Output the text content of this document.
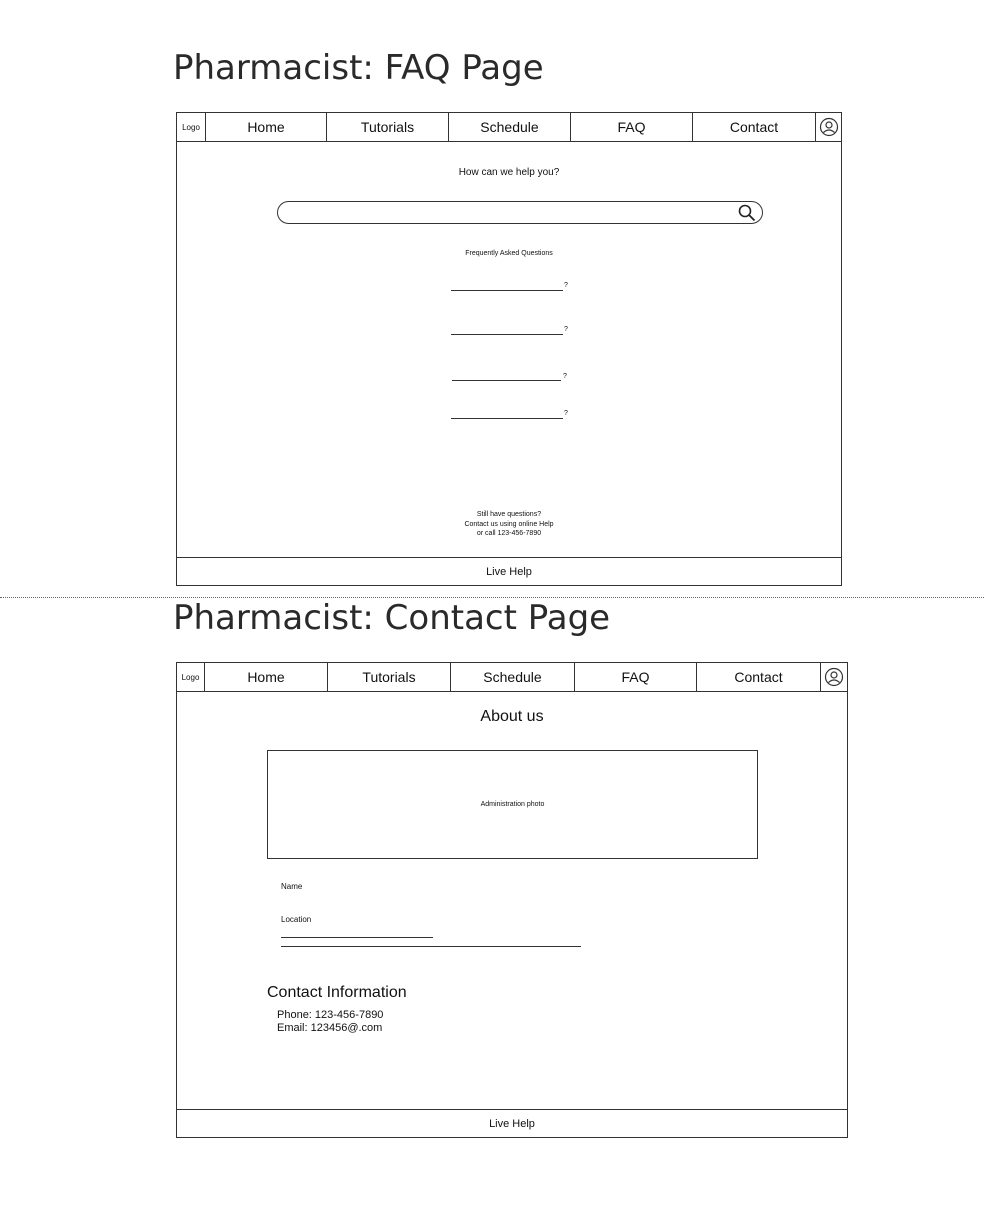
Pharmacist: FAQ Page
Logo	Home	Tutorials	Schedule	FAQ	Contact
How can we help you?
Frequently Asked Questions
?
?
?
?
Still have questions?
Contact us using online Help
or call 123-456-7890
Live Help
Pharmacist: Contact Page
Logo	Home	Tutorials	Schedule	FAQ	Contact
About us
Administration photo
Name
Location
Contact Information
Phone: 123-456-7890
Email: 123456@.com
Live Help
